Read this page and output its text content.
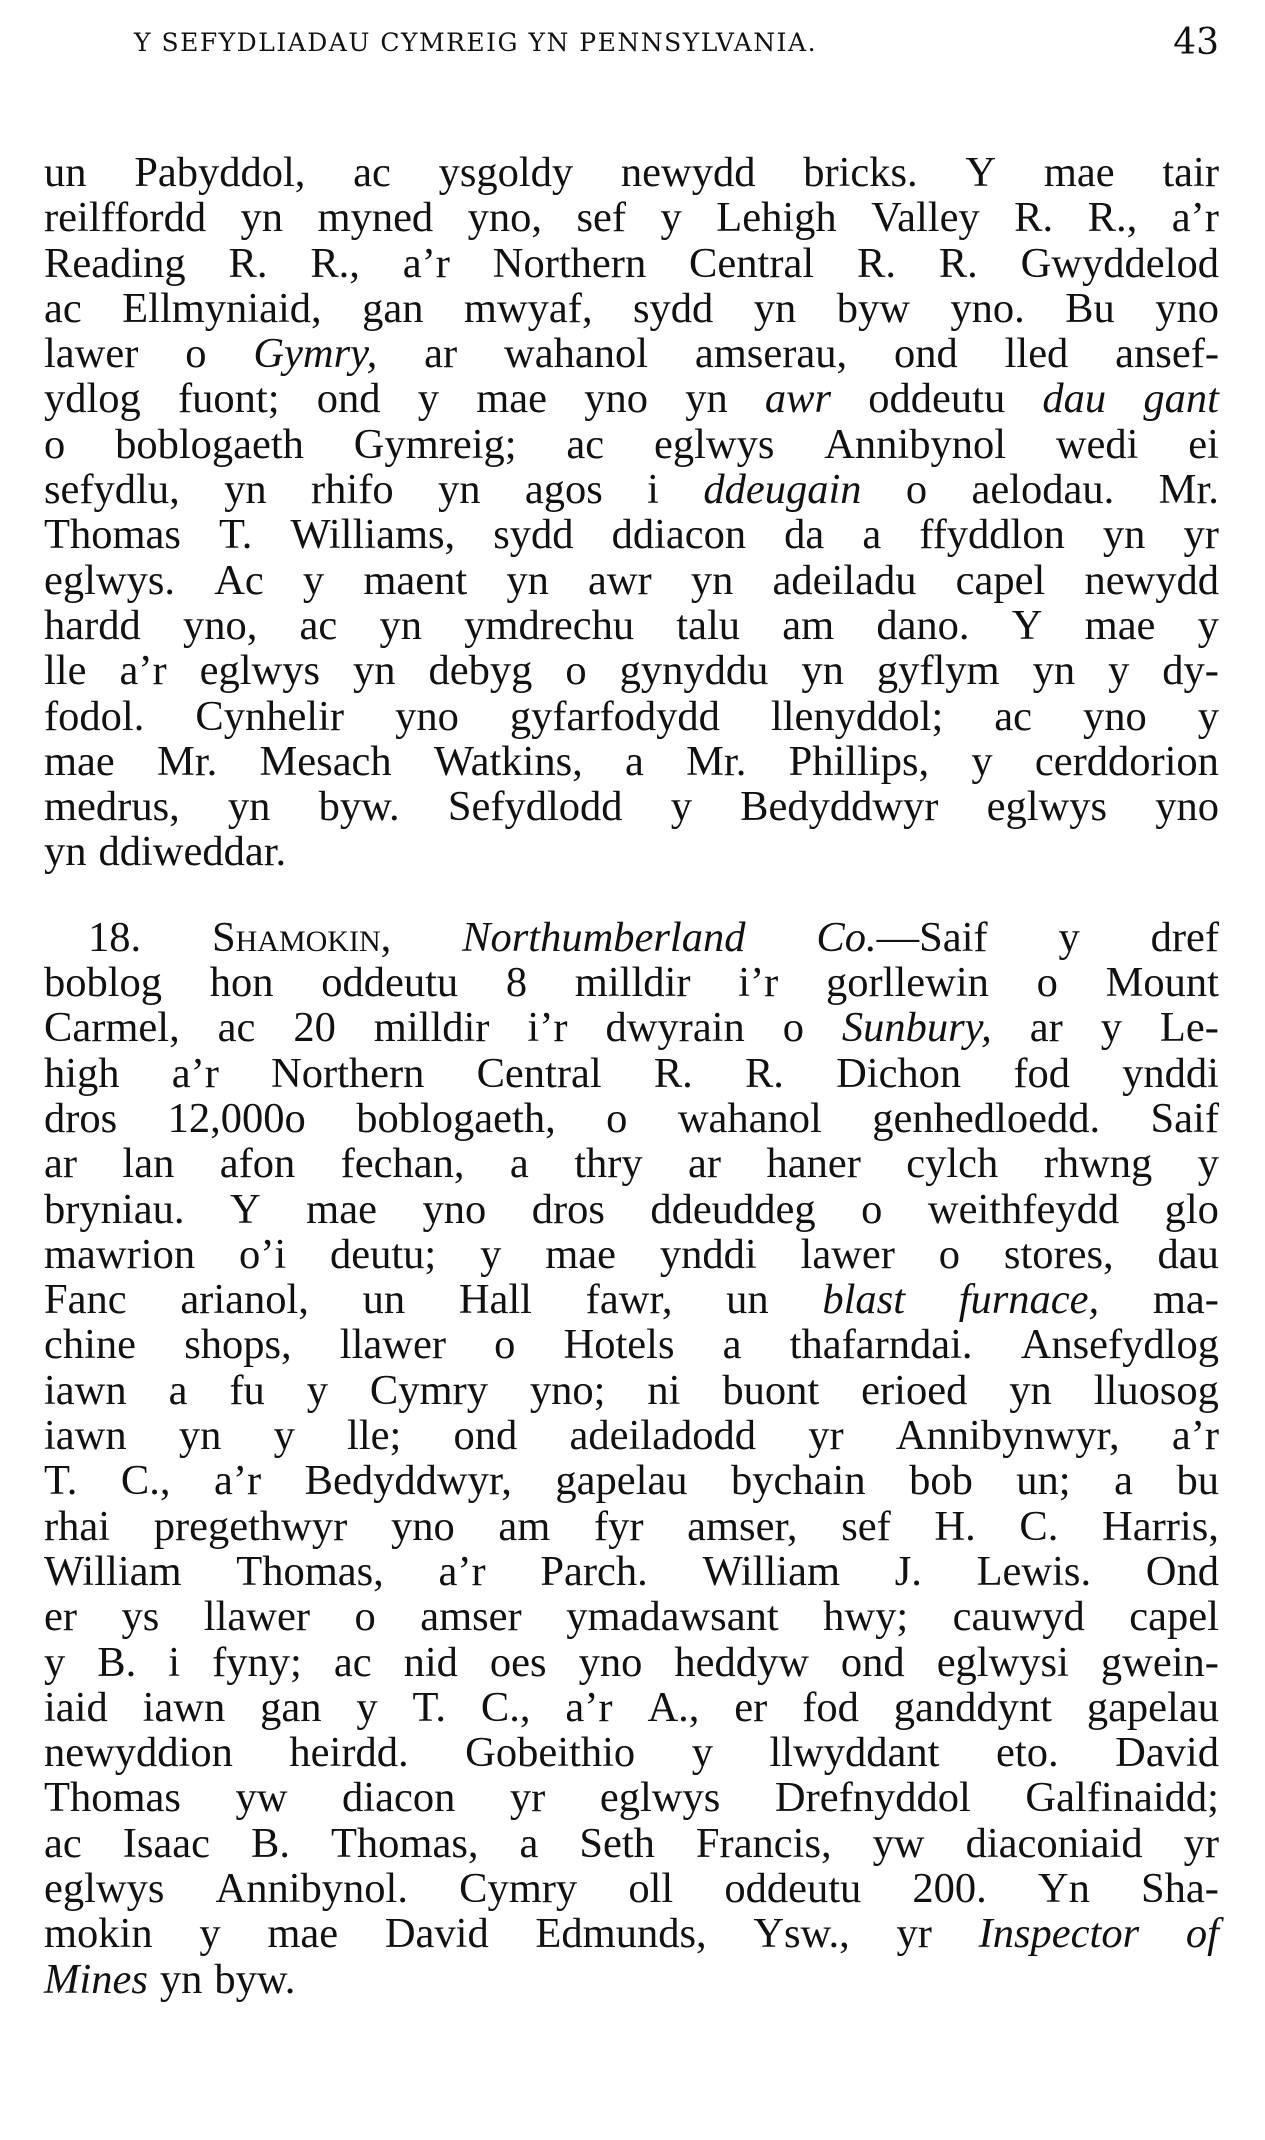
Y SEFYDLIADAU CYMREIG YN PENNSYLVANIA.	43
un Pabyddol, ac ysgoldy newydd bricks. Y mae tair
reilffordd yn myned yno, sef y Lehigh Valley R. R., a’r
Reading R. R., a’r Northern Central R. R. Gwyddelod
ac Ellmyniaid, gan mwyaf, sydd yn byw yno. Bu yno
lawer o Gymry, ar wahanol amserau, ond lled ansef-
ydlog fuont; ond y mae yno yn awr oddeutu dau gant
o boblogaeth Gymreig; ac eglwys Annibynol wedi ei
sefydlu, yn rhifo yn agos i ddeugain o aelodau. Mr.
Thomas T. Williams, sydd ddiacon da a ffyddlon yn yr
eglwys. Ac y maent yn awr yn adeiladu capel newydd
hardd yno, ac yn ymdrechu talu am dano. Y mae y
lle a’r eglwys yn debyg o gynyddu yn gyflym yn y dy-
fodol. Cynhelir yno gyfarfodydd llenyddol; ac yno y
mae Mr. Mesach Watkins, a Mr. Phillips, y cerddorion
medrus, yn byw. Sefydlodd y Bedyddwyr eglwys yno
yn ddiweddar.
18. Shamokin, Northumberland Co.—Saif y dref
boblog hon oddeutu 8 milldir i’r gorllewin o Mount
Carmel, ac 20 milldir i’r dwyrain o Sunbury, ar y Le-
high a’r Northern Central R. R. Dichon fod ynddi
dros 12,000o boblogaeth, o wahanol genhedloedd. Saif
ar lan afon fechan, a thry ar haner cylch rhwng y
bryniau. Y mae yno dros ddeuddeg o weithfeydd glo
mawrion o’i deutu; y mae ynddi lawer o stores, dau
Fanc arianol, un Hall fawr, un blast furnace, ma-
chine shops, llawer o Hotels a thafarndai. Ansefydlog
iawn a fu y Cymry yno; ni buont erioed yn lluosog
iawn yn y lle; ond adeiladodd yr Annibynwyr, a’r
T. C., a’r Bedyddwyr, gapelau bychain bob un; a bu
rhai pregethwyr yno am fyr amser, sef H. C. Harris,
William Thomas, a’r Parch. William J. Lewis. Ond
er ys llawer o amser ymadawsant hwy; cauwyd capel
y B. i fyny; ac nid oes yno heddyw ond eglwysi gwein-
iaid iawn gan y T. C., a’r A., er fod ganddynt gapelau
newyddion heirdd. Gobeithio y llwyddant eto. David
Thomas yw diacon yr eglwys Drefnyddol Galfinaidd;
ac Isaac B. Thomas, a Seth Francis, yw diaconiaid yr
eglwys Annibynol. Cymry oll oddeutu 200. Yn Sha-
mokin y mae David Edmunds, Ysw., yr Inspector of
Mines yn byw.
